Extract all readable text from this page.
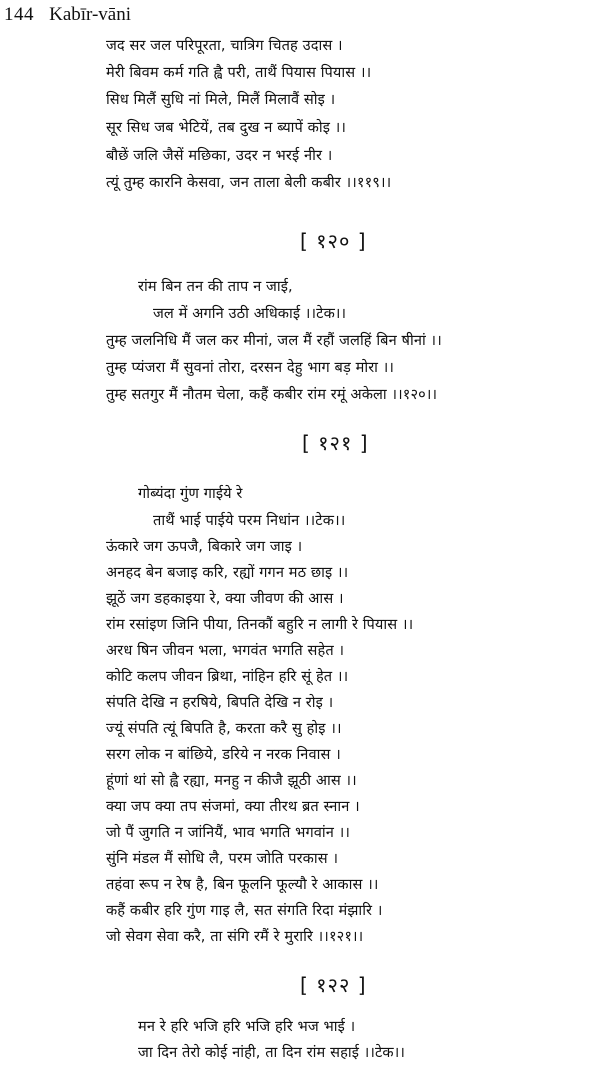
144 Kabīr-vāni
जद सर जल परिपूरता, चात्रिग चितह उदास ।
मेरी बिवम कर्म गति ह्वै परी, ताथैं पियास पियास ।।
सिध मिलैं सुधि नां मिले, मिलैं मिलावैं सोइ ।
सूर सिध जब भेटियें, तब दुख न ब्यापें कोइ ।।
बौछें जलि जैसें मछिका, उदर न भरई नीर ।
त्यूं तुम्ह कारनि केसवा, जन ताला बेली कबीर ।।११९।।
[ १२० ]
रांम बिन तन की ताप न जाई,
जल में अगनि उठी अधिकाई ।।टेक।।
तुम्ह जलनिधि मैं जल कर मीनां, जल मैं रहौं जलहिं बिन षीनां ।।
तुम्ह प्यंजरा मैं सुवनां तोरा, दरसन देहु भाग बड़ मोरा ।।
तुम्ह सतगुर मैं नौतम चेला, कहैं कबीर रांम रमूं अकेला ।।१२०।।
[ १२१ ]
गोब्यंदा गुंण गाईये रे
ताथैं भाई पाईये परम निधांन ।।टेक।।
ऊंकारे जग ऊपजै, बिकारे जग जाइ ।
अनहद बेन बजाइ करि, रह्यों गगन मठ छाइ ।।
झूठें जग डहकाइया रे, क्या जीवण की आस ।
रांम रसांइण जिनि पीया, तिनकौं बहुरि न लागी रे पियास ।।
अरध षिन जीवन भला, भगवंत भगति सहेत ।
कोटि कलप जीवन ब्रिथा, नांहिन हरि सूं हेत ।।
संपति देखि न हरषिये, बिपति देखि न रोइ ।
ज्यूं संपति त्यूं बिपति है, करता करै सु होइ ।।
सरग लोक न बांछिये, डरिये न नरक निवास ।
हूंणां थां सो ह्वै रह्या, मनहु न कीजै झूठी आस ।।
क्या जप क्या तप संजमां, क्या तीरथ ब्रत स्नान ।
जो पैं जुगति न जांनियैं, भाव भगति भगवांन ।।
सुंनि मंडल मैं सोधि लै, परम जोति परकास ।
तहंवा रूप न रेष है, बिन फूलनि फूल्यौ रे आकास ।।
कहैं कबीर हरि गुंण गाइ लै, सत संगति रिदा मंझारि ।
जो सेवग सेवा करै, ता संगि रमैं रे मुरारि ।।१२१।।
[ १२२ ]
मन रे हरि भजि हरि भजि हरि भज भाई ।
जा दिन तेरो कोई नांही, ता दिन रांम सहाई ।।टेक।।
